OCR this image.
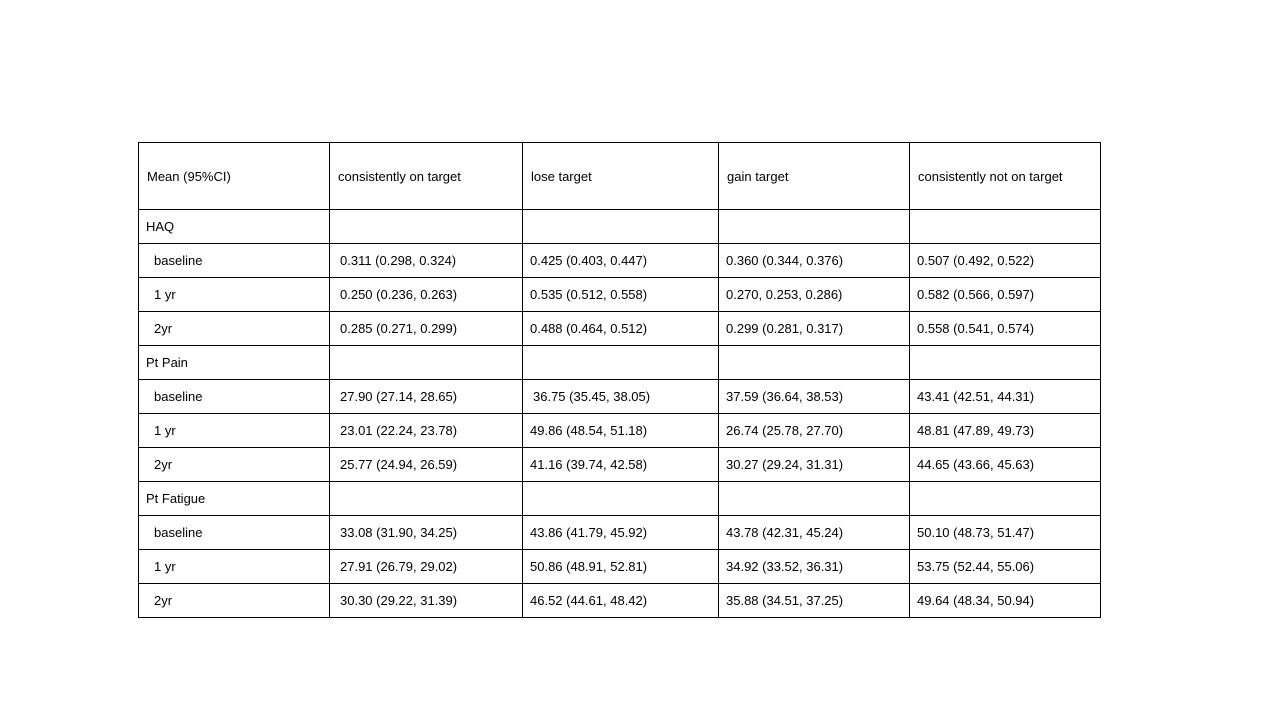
Mean (95%CI)	consistently on target	lose target	gain target	consistently not on target
HAQ				
baseline	0.311 (0.298, 0.324)	0.425 (0.403, 0.447)	0.360 (0.344, 0.376)	0.507 (0.492, 0.522)
1 yr	0.250 (0.236, 0.263)	0.535 (0.512, 0.558)	0.270, 0.253, 0.286)	0.582 (0.566, 0.597)
2yr	0.285 (0.271, 0.299)	0.488 (0.464, 0.512)	0.299 (0.281, 0.317)	0.558 (0.541, 0.574)
Pt Pain				
baseline	27.90 (27.14, 28.65)	36.75 (35.45, 38.05)	37.59 (36.64, 38.53)	43.41 (42.51, 44.31)
1 yr	23.01 (22.24, 23.78)	49.86 (48.54, 51.18)	26.74 (25.78, 27.70)	48.81 (47.89, 49.73)
2yr	25.77 (24.94, 26.59)	41.16 (39.74, 42.58)	30.27 (29.24, 31.31)	44.65 (43.66, 45.63)
Pt Fatigue				
baseline	33.08 (31.90, 34.25)	43.86 (41.79, 45.92)	43.78 (42.31, 45.24)	50.10 (48.73, 51.47)
1 yr	27.91 (26.79, 29.02)	50.86 (48.91, 52.81)	34.92 (33.52, 36.31)	53.75 (52.44, 55.06)
2yr	30.30 (29.22, 31.39)	46.52 (44.61, 48.42)	35.88 (34.51, 37.25)	49.64 (48.34, 50.94)
